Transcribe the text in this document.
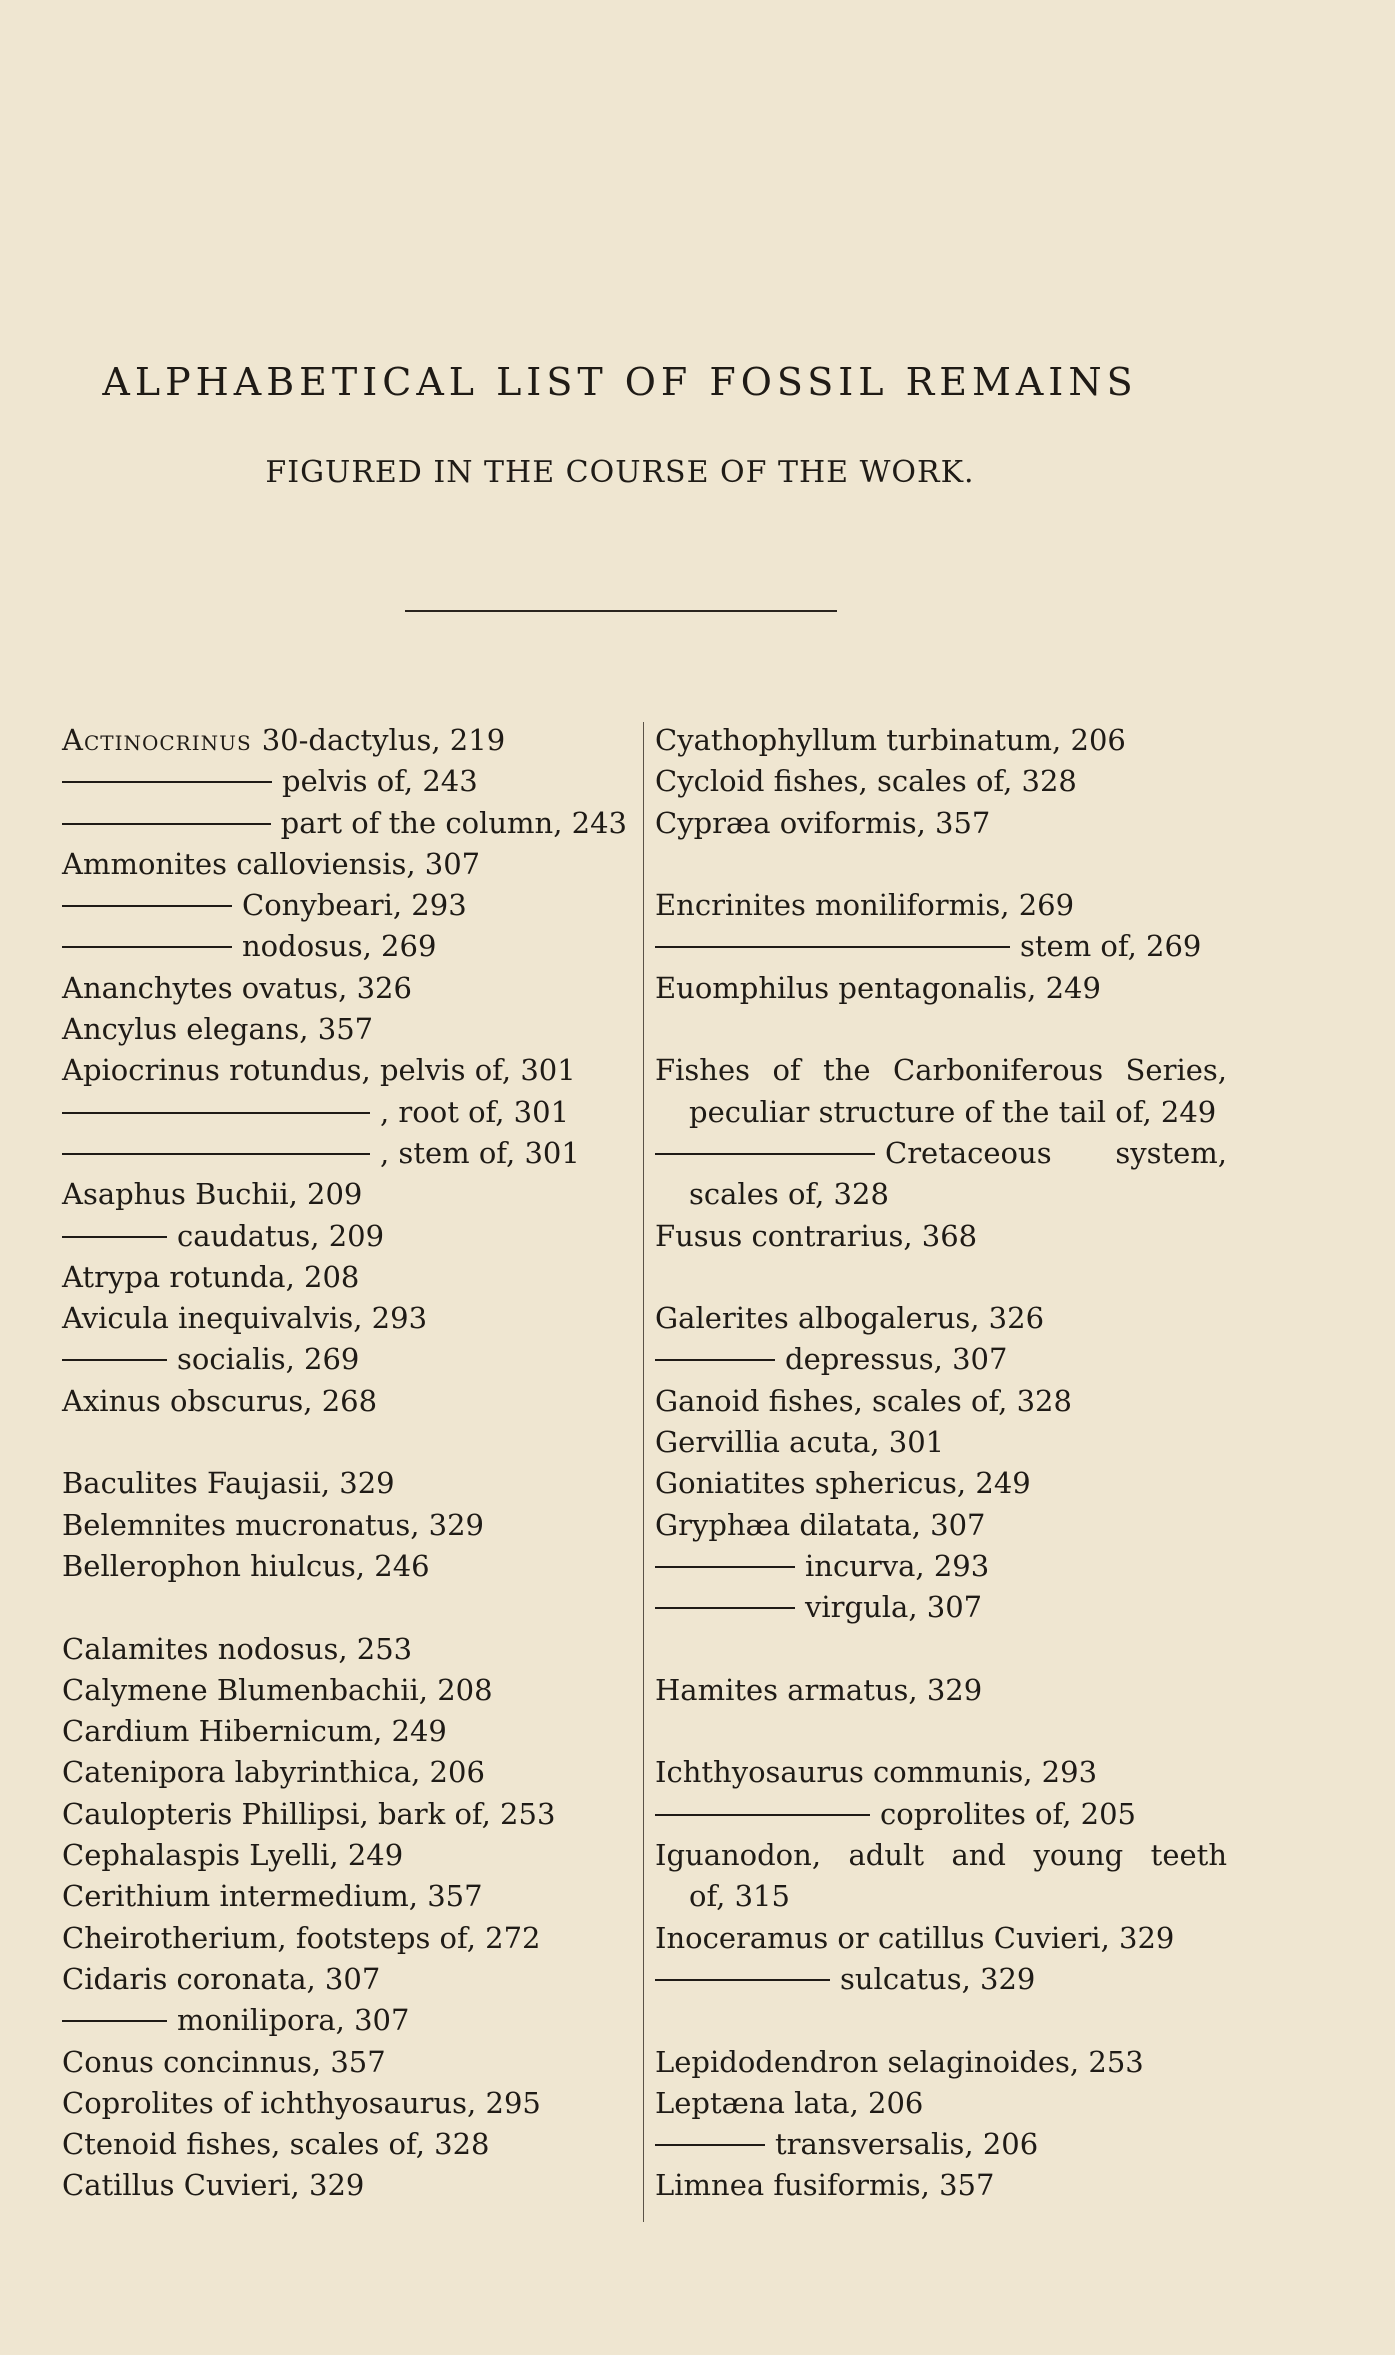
ALPHABETICAL LIST OF FOSSIL REMAINS
FIGURED IN THE COURSE OF THE WORK.
Actinocrinus 30-dactylus, 219
pelvis of, 243
part of the column, 243
Ammonites calloviensis, 307
Conybeari, 293
nodosus, 269
Ananchytes ovatus, 326
Ancylus elegans, 357
Apiocrinus rotundus, pelvis of, 301
, root of, 301
, stem of, 301
Asaphus Buchii, 209
caudatus, 209
Atrypa rotunda, 208
Avicula inequivalvis, 293
socialis, 269
Axinus obscurus, 268
Baculites Faujasii, 329
Belemnites mucronatus, 329
Bellerophon hiulcus, 246
Calamites nodosus, 253
Calymene Blumenbachii, 208
Cardium Hibernicum, 249
Catenipora labyrinthica, 206
Caulopteris Phillipsi, bark of, 253
Cephalaspis Lyelli, 249
Cerithium intermedium, 357
Cheirotherium, footsteps of, 272
Cidaris coronata, 307
monilipora, 307
Conus concinnus, 357
Coprolites of ichthyosaurus, 295
Ctenoid fishes, scales of, 328
Catillus Cuvieri, 329
Cyathophyllum turbinatum, 206
Cycloid fishes, scales of, 328
Cypræa oviformis, 357
Encrinites moniliformis, 269
stem of, 269
Euomphilus pentagonalis, 249
Fishes of the Carboniferous Series,
peculiar structure of the tail of, 249
Cretaceous system,
scales of, 328
Fusus contrarius, 368
Galerites albogalerus, 326
depressus, 307
Ganoid fishes, scales of, 328
Gervillia acuta, 301
Goniatites sphericus, 249
Gryphæa dilatata, 307
incurva, 293
virgula, 307
Hamites armatus, 329
Ichthyosaurus communis, 293
coprolites of, 205
Iguanodon, adult and young teeth
of, 315
Inoceramus or catillus Cuvieri, 329
sulcatus, 329
Lepidodendron selaginoides, 253
Leptæna lata, 206
transversalis, 206
Limnea fusiformis, 357
